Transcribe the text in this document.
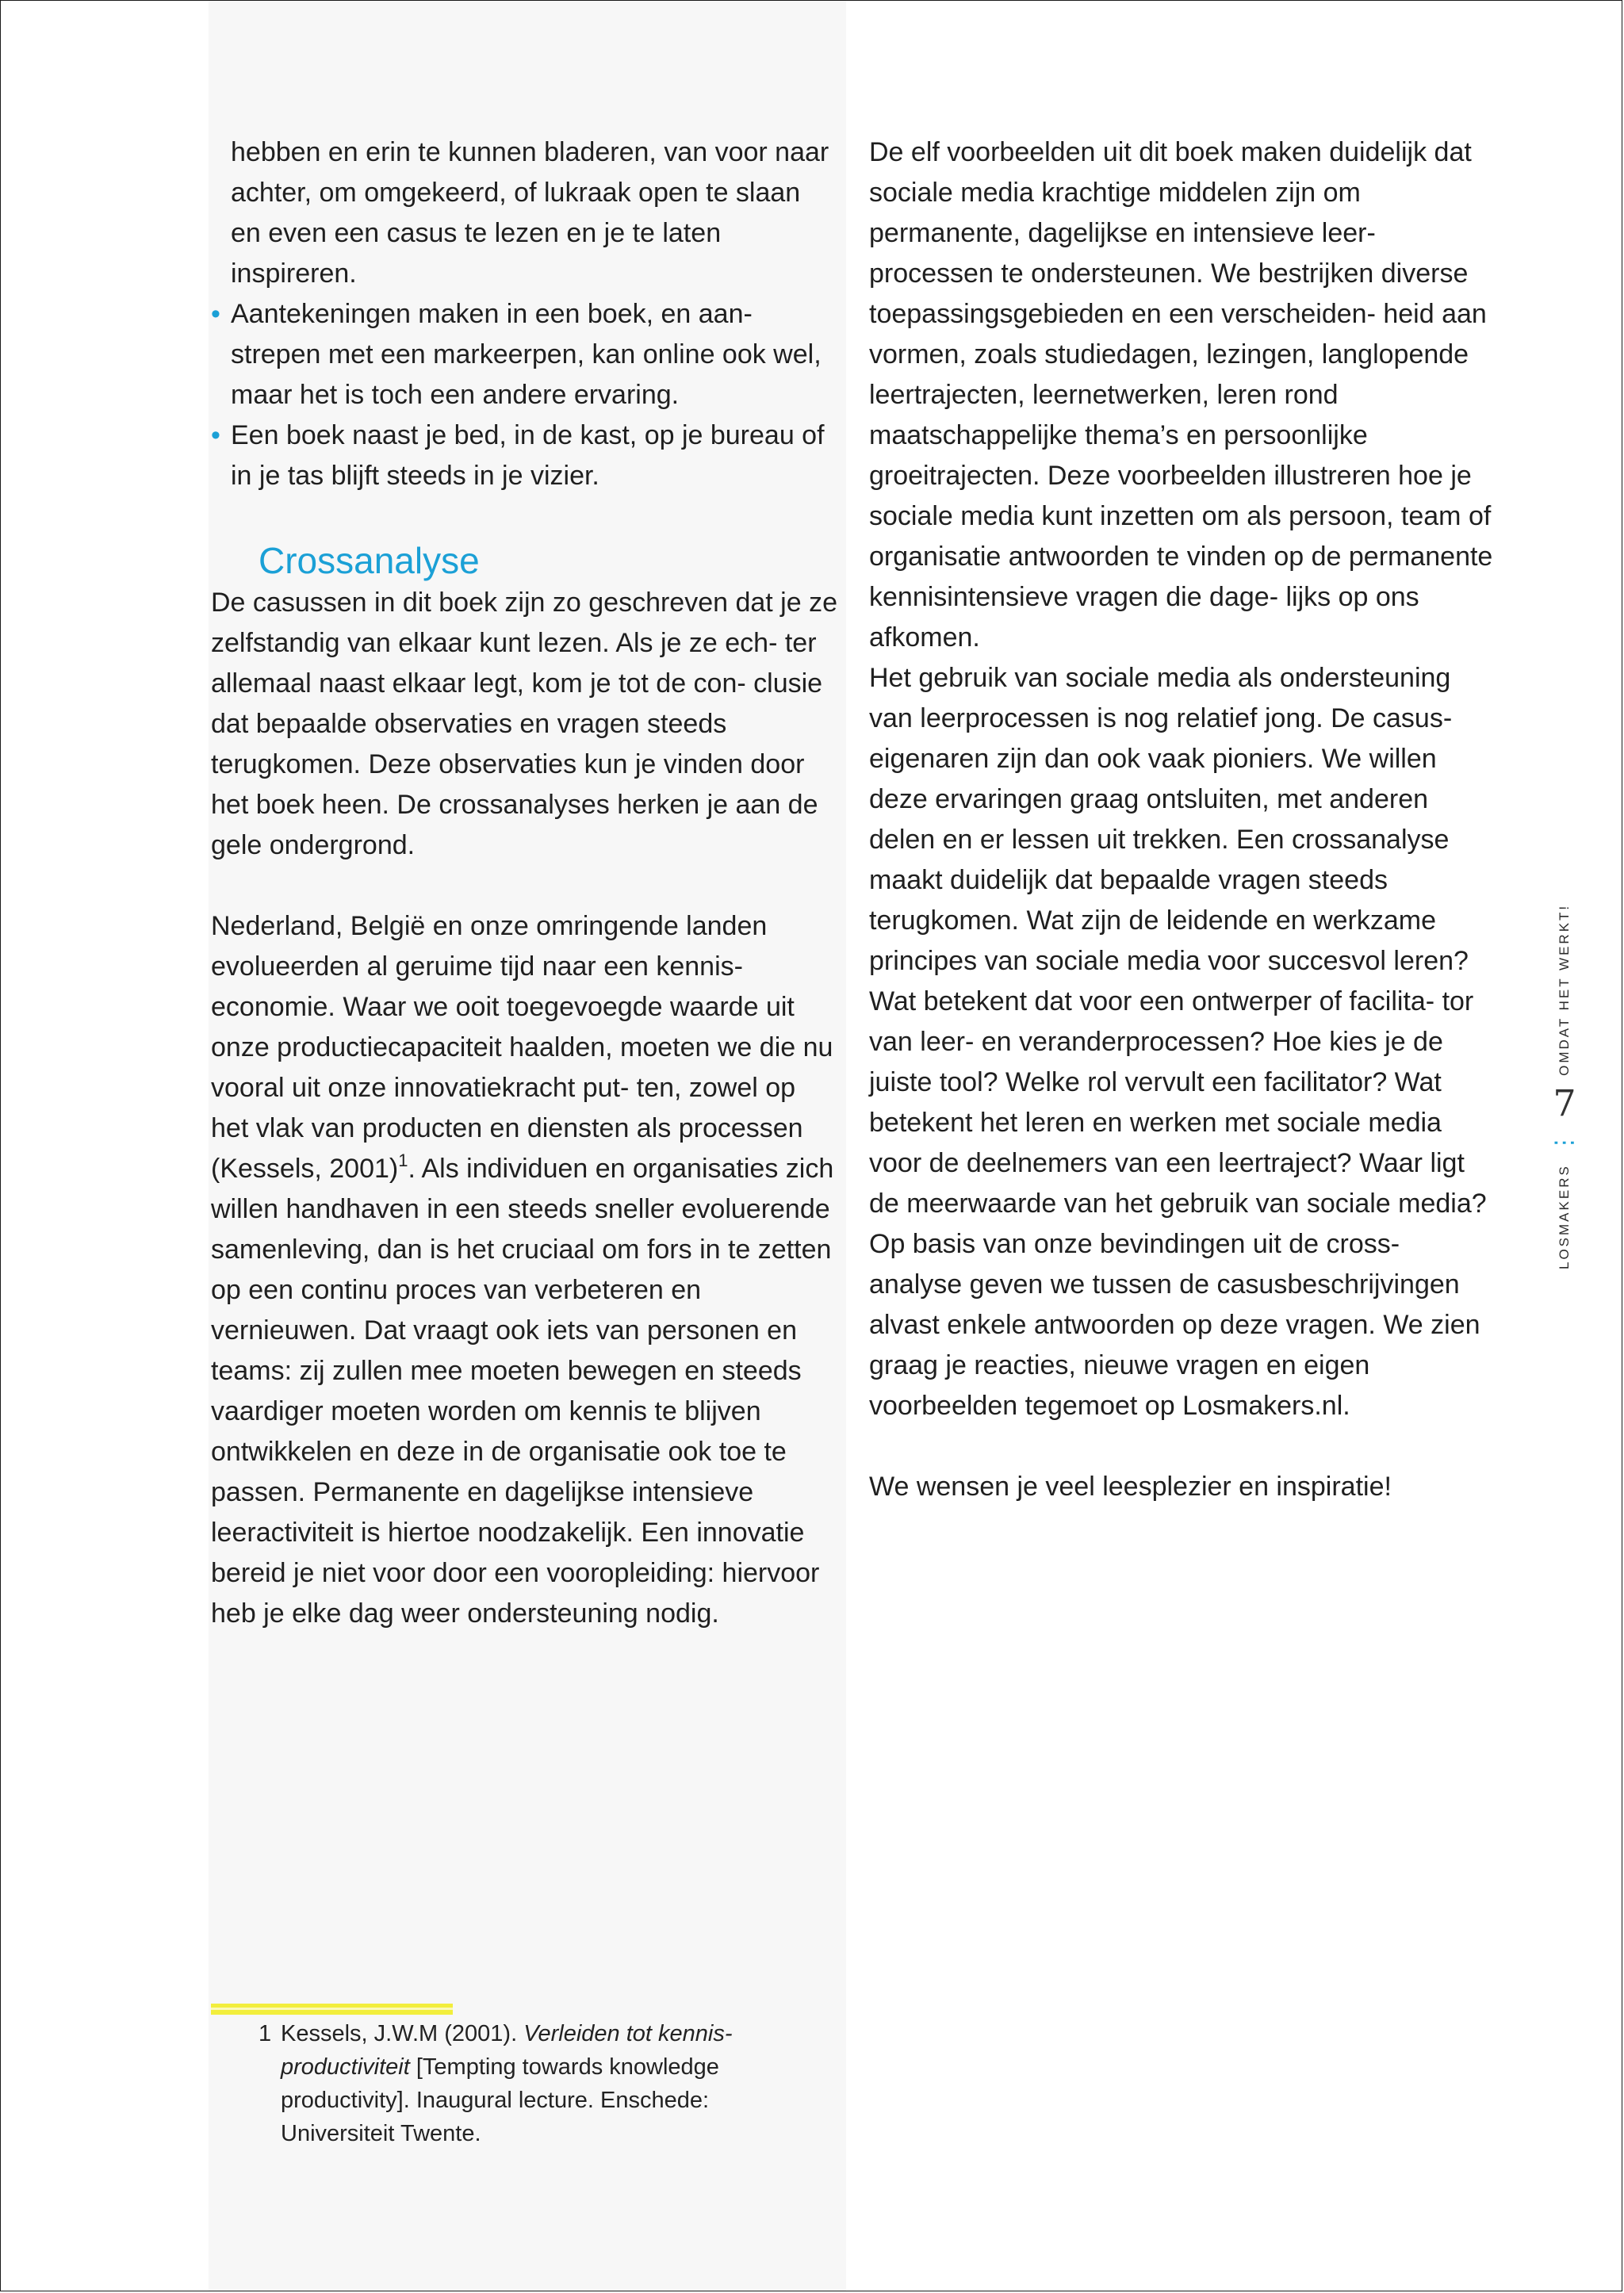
hebben en erin te kunnen bladeren, van voor naar achter, om omgekeerd, of lukraak open te slaan en even een casus te lezen en je te laten inspireren.

• Aantekeningen maken in een boek, en aan- strepen met een markeerpen, kan online ook wel, maar het is toch een andere ervaring.
• Een boek naast je bed, in de kast, op je bureau of in je tas blijft steeds in je vizier.
Crossanalyse

De casussen in dit boek zijn zo geschreven dat je ze zelfstandig van elkaar kunt lezen. Als je ze ech- ter allemaal naast elkaar legt, kom je tot de con- clusie dat bepaalde observaties en vragen steeds terugkomen. Deze observaties kun je vinden door het boek heen. De crossanalyses herken je aan de gele ondergrond.

Nederland, België en onze omringende landen evolueerden al geruime tijd naar een kennis- economie. Waar we ooit toegevoegde waarde uit onze productiecapaciteit haalden, moeten we die nu vooral uit onze innovatiekracht put- ten, zowel op het vlak van producten en diensten als processen (Kessels, 2001)$^1$. Als individuen en organisaties zich willen handhaven in een steeds sneller evoluerende samenleving, dan is het cruciaal om fors in te zetten op een continu proces van verbeteren en vernieuwen. Dat vraagt ook iets van personen en teams: zij zullen mee moeten bewegen en steeds vaardiger moeten worden om kennis te blijven ontwikkelen en deze in de organisatie ook toe te passen. Permanente en dagelijkse intensieve leeractiviteit is hiertoe noodzakelijk. Een innovatie bereid je niet voor door een vooropleiding: hiervoor heb je elke dag weer ondersteuning nodig.

De elf voorbeelden uit dit boek maken duidelijk dat sociale media krachtige middelen zijn om permanente, dagelijkse en intensieve leer- processen te ondersteunen. We bestrijken diverse toepassingsgebieden en een verscheiden- heid aan vormen, zoals studiedagen, lezingen, langlopende leertrajecten, leernetwerken, leren rond maatschappelijke thema’s en persoonlijke groeitrajecten. Deze voorbeelden illustreren hoe je sociale media kunt inzetten om als persoon, team of organisatie antwoorden te vinden op de permanente kennisintensieve vragen die dage- lijks op ons afkomen.

Het gebruik van sociale media als ondersteuning van leerprocessen is nog relatief jong. De casus- eigenaren zijn dan ook vaak pioniers. We willen deze ervaringen graag ontsluiten, met anderen delen en er lessen uit trekken. Een crossanalyse maakt duidelijk dat bepaalde vragen steeds terugkomen. Wat zijn de leidende en werkzame principes van sociale media voor succesvol leren? Wat betekent dat voor een ontwerper of facilita- tor van leer- en veranderprocessen? Hoe kies je de juiste tool? Welke rol vervult een facilitator? Wat betekent het leren en werken met sociale media voor de deelnemers van een leertraject? Waar ligt de meerwaarde van het gebruik van sociale media?

Op basis van onze bevindingen uit de cross- analyse geven we tussen de casusbeschrijvingen alvast enkele antwoorden op deze vragen. We zien graag je reacties, nieuwe vragen en eigen voorbeelden tegemoet op Losmakers.nl.

We wensen je veel leesplezier en inspiratie!

1 Kessels, J.W.M (2001). Verleiden tot kennis- productiviteit [Tempting towards knowledge productivity]. Inaugural lecture. Enschede: Universiteit Twente.
LOSMAKERS
⋮
7
OMDAT HET WERKT!
